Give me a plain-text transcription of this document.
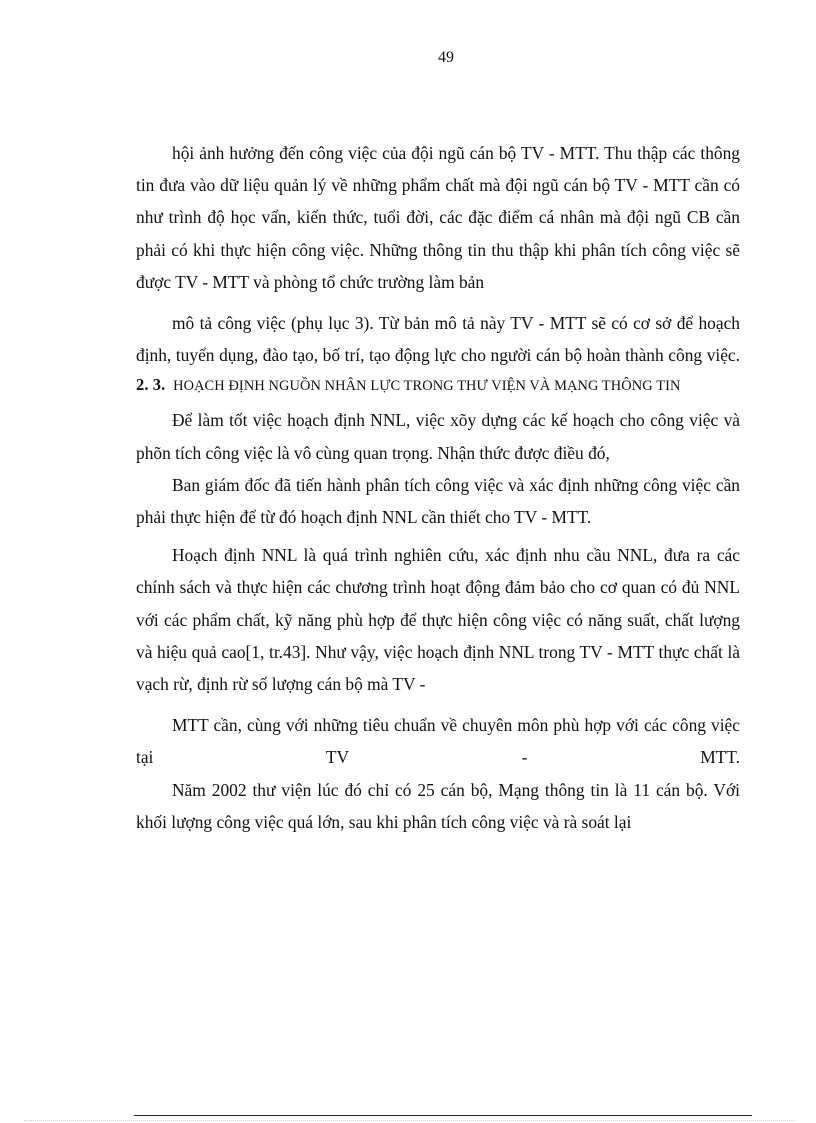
49

hội ảnh hưởng đến công việc của đội ngũ cán bộ TV - MTT. Thu thập các thông tin đưa vào dữ liệu quản lý về những phẩm chất mà đội ngũ cán bộ TV - MTT cần có như trình độ học vấn, kiến thức, tuổi đời, các đặc điểm cá nhân mà đội ngũ CB cần phải có khi thực hiện công việc. Những thông tin thu thập khi phân tích công việc sẽ được TV - MTT và phòng tổ chức trường làm bản

mô tả công việc (phụ lục 3). Từ bản mô tả này TV - MTT sẽ có cơ sở để hoạch định, tuyển dụng, đào tạo, bố trí, tạo động lực cho người cán bộ hoàn thành công việc.

2. 3. HOẠCH ĐỊNH NGUỒN NHÂN LỰC TRONG THƯ VIỆN VÀ MẠNG THÔNG TIN

Để làm tốt việc hoạch định NNL, việc xõy dựng các kế hoạch cho công việc và phõn tích công việc là vô cùng quan trọng. Nhận thức được điều đó,

Ban giám đốc đã tiến hành phân tích công việc và xác định những công việc cần phải thực hiện để từ đó hoạch định NNL cần thiết cho TV - MTT.

Hoạch định NNL là quá trình nghiên cứu, xác định nhu cầu NNL, đưa ra các chính sách và thực hiện các chương trình hoạt động đảm bảo cho cơ quan có đủ NNL với các phẩm chất, kỹ năng phù hợp để thực hiện công việc có năng suất, chất lượng và hiệu quả cao[1, tr.43]. Như vậy, việc hoạch định NNL trong TV - MTT thực chất là vạch rừ, định rừ số lượng cán bộ mà TV -

MTT cần, cùng với những tiêu chuẩn về chuyên môn phù hợp với các công việc tại TV - MTT.

Năm 2002 thư viện lúc đó chỉ có 25 cán bộ, Mạng thông tin là 11 cán bộ. Với khối lượng công việc quá lớn, sau khi phân tích công việc và rà soát lại
